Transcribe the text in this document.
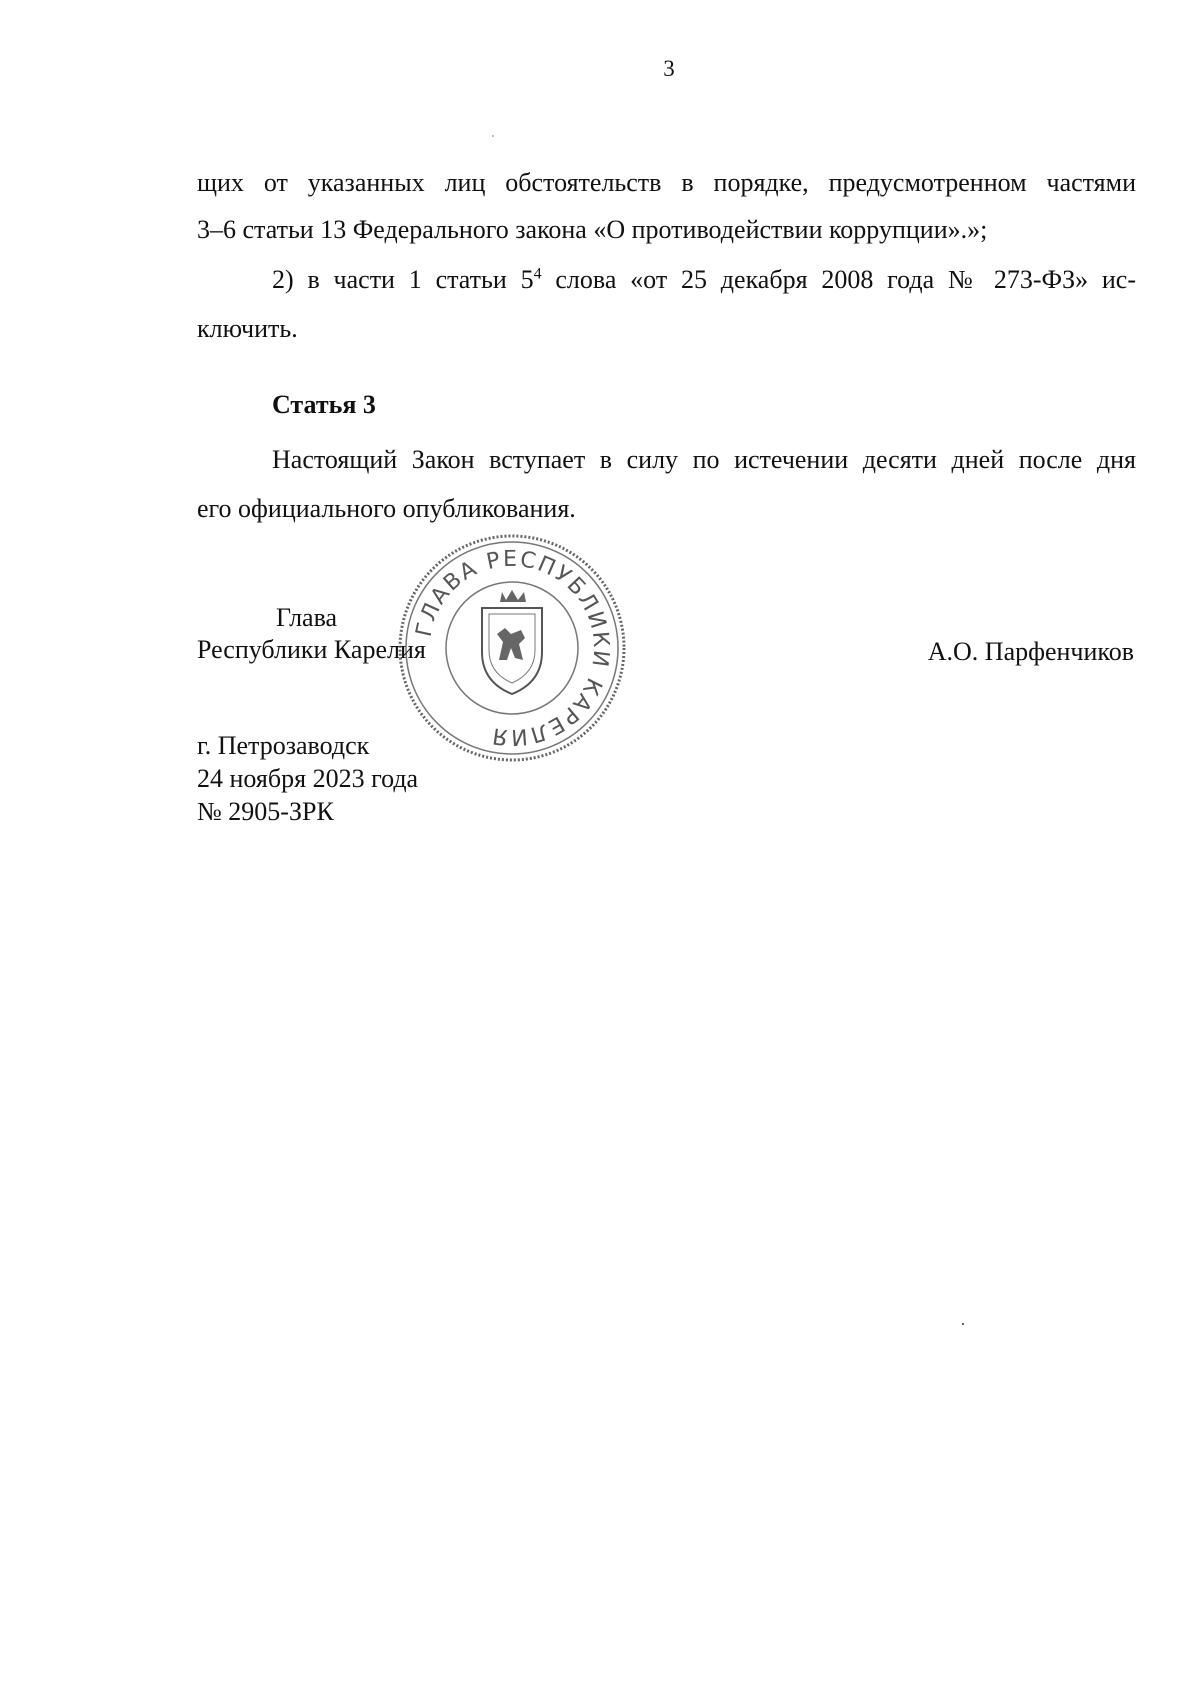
3
щих от указанных лиц обстоятельств в порядке, предусмотренном частями
3–6 статьи 13 Федерального закона «О противодействии коррупции».»;
2) в части 1 статьи $5^4$ слова «от 25 декабря 2008 года № 273-ФЗ» ис-
ключить.
Статья 3
Настоящий Закон вступает в силу по истечении десяти дней после дня
его официального опубликования.
ГЛАВА РЕСПУБЛИКИ КАРЕЛИЯ
Глава
Республики Карелия	А.О. Парфенчиков
г. Петрозаводск
24 ноября 2023 года
№ 2905-ЗРК
